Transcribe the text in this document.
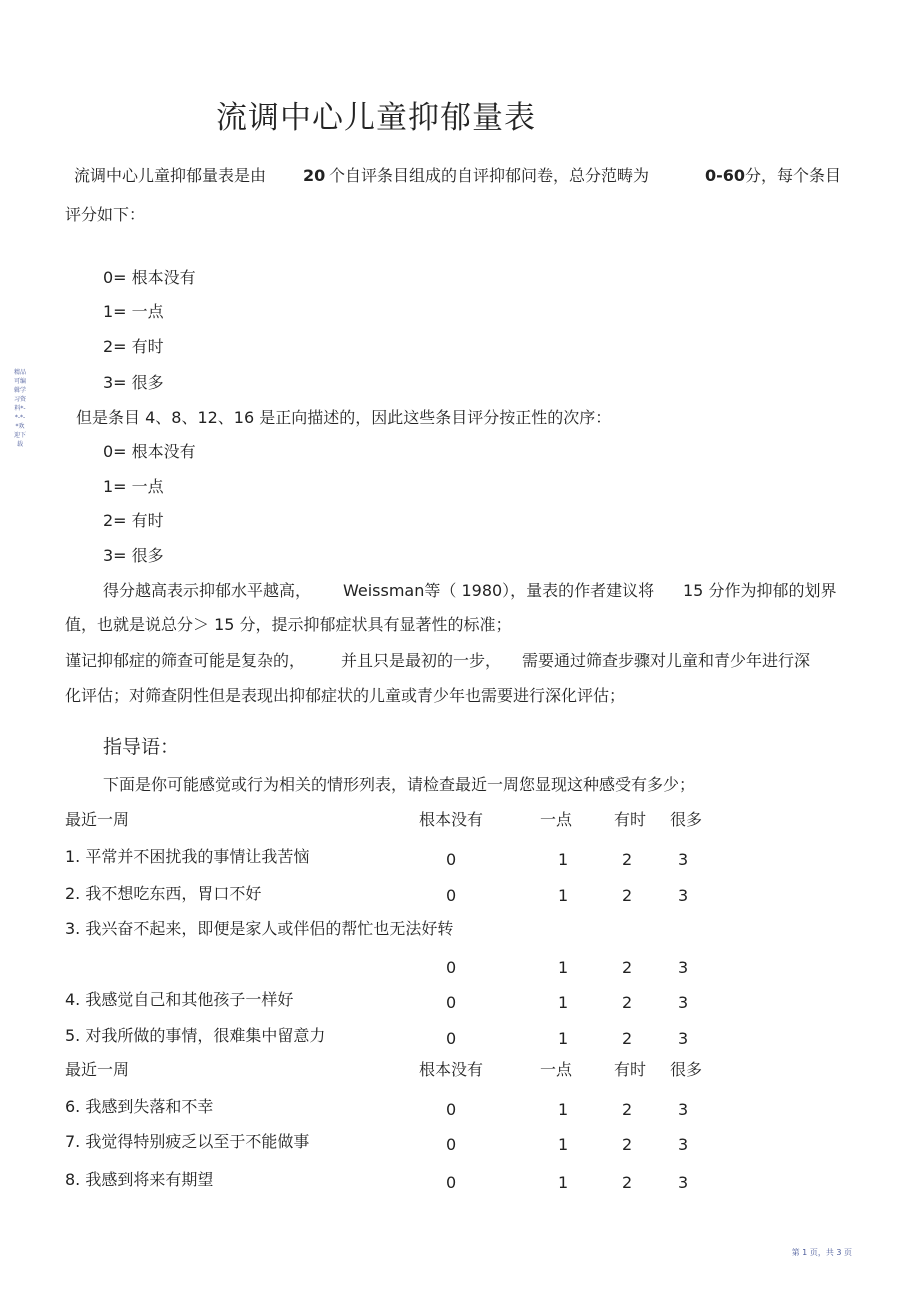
流调中心儿童抑郁量表
流调中心儿童抑郁量表是由 20 个自评条目组成的自评抑郁问卷，总分范畴为	0-60 分，每个条目
评分如下：
0= 根本没有
1= 一点
2= 有时
3= 很多
但是条目 4、8、12、16 是正向描述的，因此这些条目评分按正性的次序：
0= 根本没有
1= 一点
2= 有时
3= 很多
得分越高表示抑郁水平越高， Weissman等（ 1980），量表的作者建议将 15 分作为抑郁的划界
值，也就是说总分＞ 15 分，提示抑郁症状具有显著性的标准；
谨记抑郁症的筛查可能是复杂的， 并且只是最初的一步， 需要通过筛查步骤对儿童和青少年进行深
化评估；对筛查阴性但是表现出抑郁症状的儿童或青少年也需要进行深化评估；
指导语：
下面是你可能感觉或行为相关的情形列表，请检查最近一周您显现这种感受有多少；
最近一周	根本没有	一点	有时 很多
1. 平常并不困扰我的事情让我苦恼	0	1	2	3
2. 我不想吃东西，胃口不好	0	1	2	3
3. 我兴奋不起来，即便是家人或伴侣的帮忙也无法好转
0	1	2	3
4. 我感觉自己和其他孩子一样好	0	1	2	3
5. 对我所做的事情，很难集中留意力	0	1	2	3
最近一周	根本没有	一点	有时 很多
6. 我感到失落和不幸	0	1	2	3
7. 我觉得特别疲乏以至于不能做事	0	1	2	3
8. 我感到将来有期望	0	1	2	3
精品可编辑学习资料*-*-*-*欢迎下载
第 1 页，共 3 页
